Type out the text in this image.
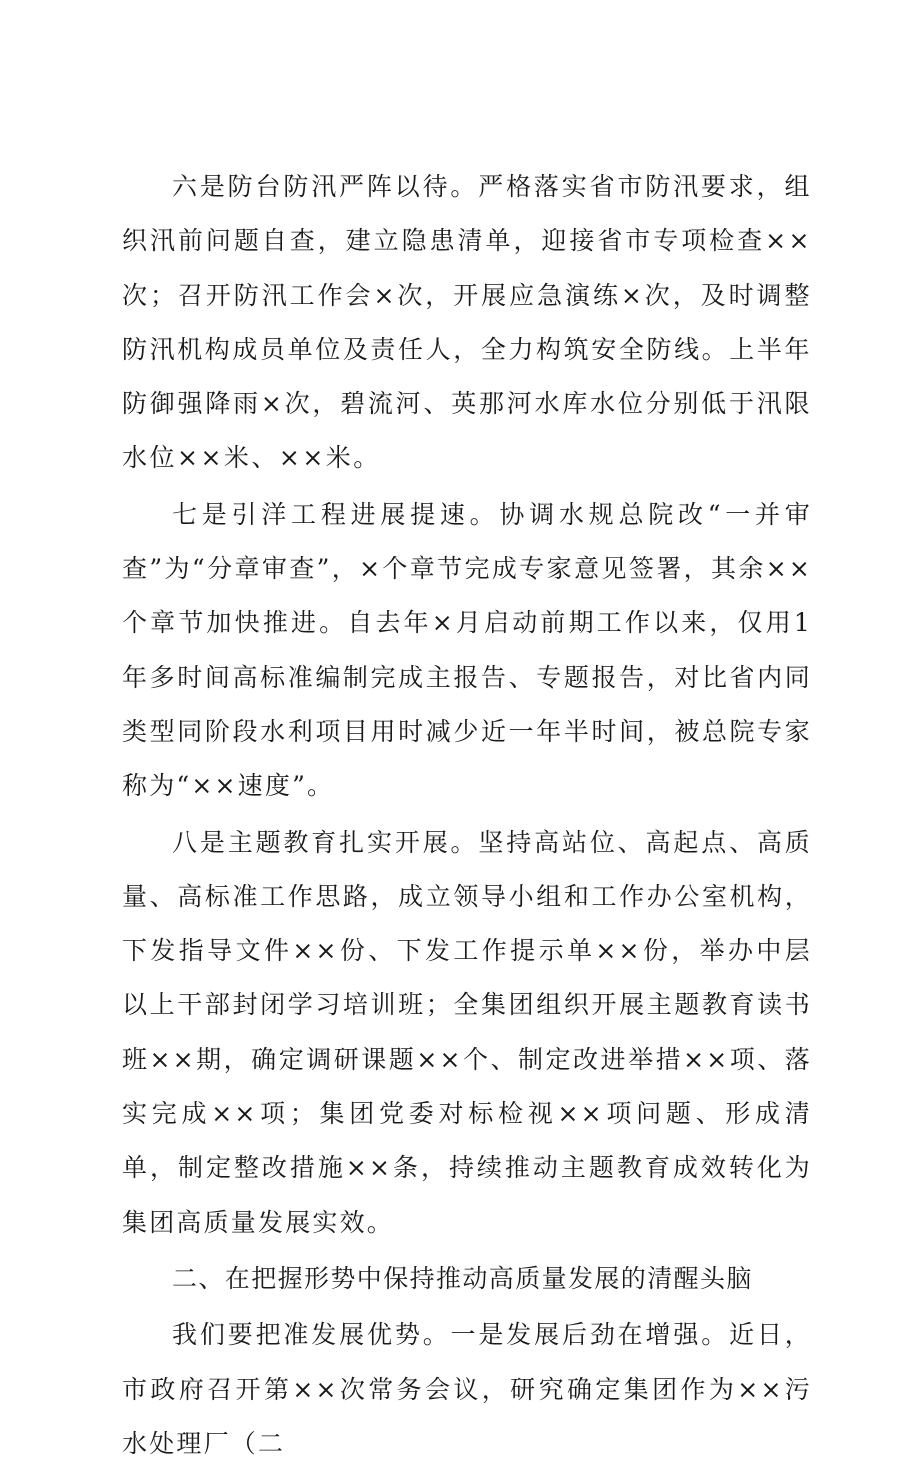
六是防台防汛严阵以待。严格落实省市防汛要求，组织汛前问题自查，建立隐患清单，迎接省市专项检查××次；召开防汛工作会×次，开展应急演练×次，及时调整防汛机构成员单位及责任人，全力构筑安全防线。上半年防御强降雨×次，碧流河、英那河水库水位分别低于汛限水位××米、××米。

七是引洋工程进展提速。协调水规总院改“一并审查”为“分章审查”，×个章节完成专家意见签署，其余××个章节加快推进。自去年×月启动前期工作以来，仅用1年多时间高标准编制完成主报告、专题报告，对比省内同类型同阶段水利项目用时减少近一年半时间，被总院专家称为“××速度”。

八是主题教育扎实开展。坚持高站位、高起点、高质量、高标准工作思路，成立领导小组和工作办公室机构，下发指导文件××份、下发工作提示单××份，举办中层以上干部封闭学习培训班；全集团组织开展主题教育读书班××期，确定调研课题××个、制定改进举措××项、落实完成××项；集团党委对标检视××项问题、形成清单，制定整改措施××条，持续推动主题教育成效转化为集团高质量发展实效。

二、在把握形势中保持推动高质量发展的清醒头脑

我们要把准发展优势。一是发展后劲在增强。近日，市政府召开第××次常务会议，研究确定集团作为××污水处理厂（二
